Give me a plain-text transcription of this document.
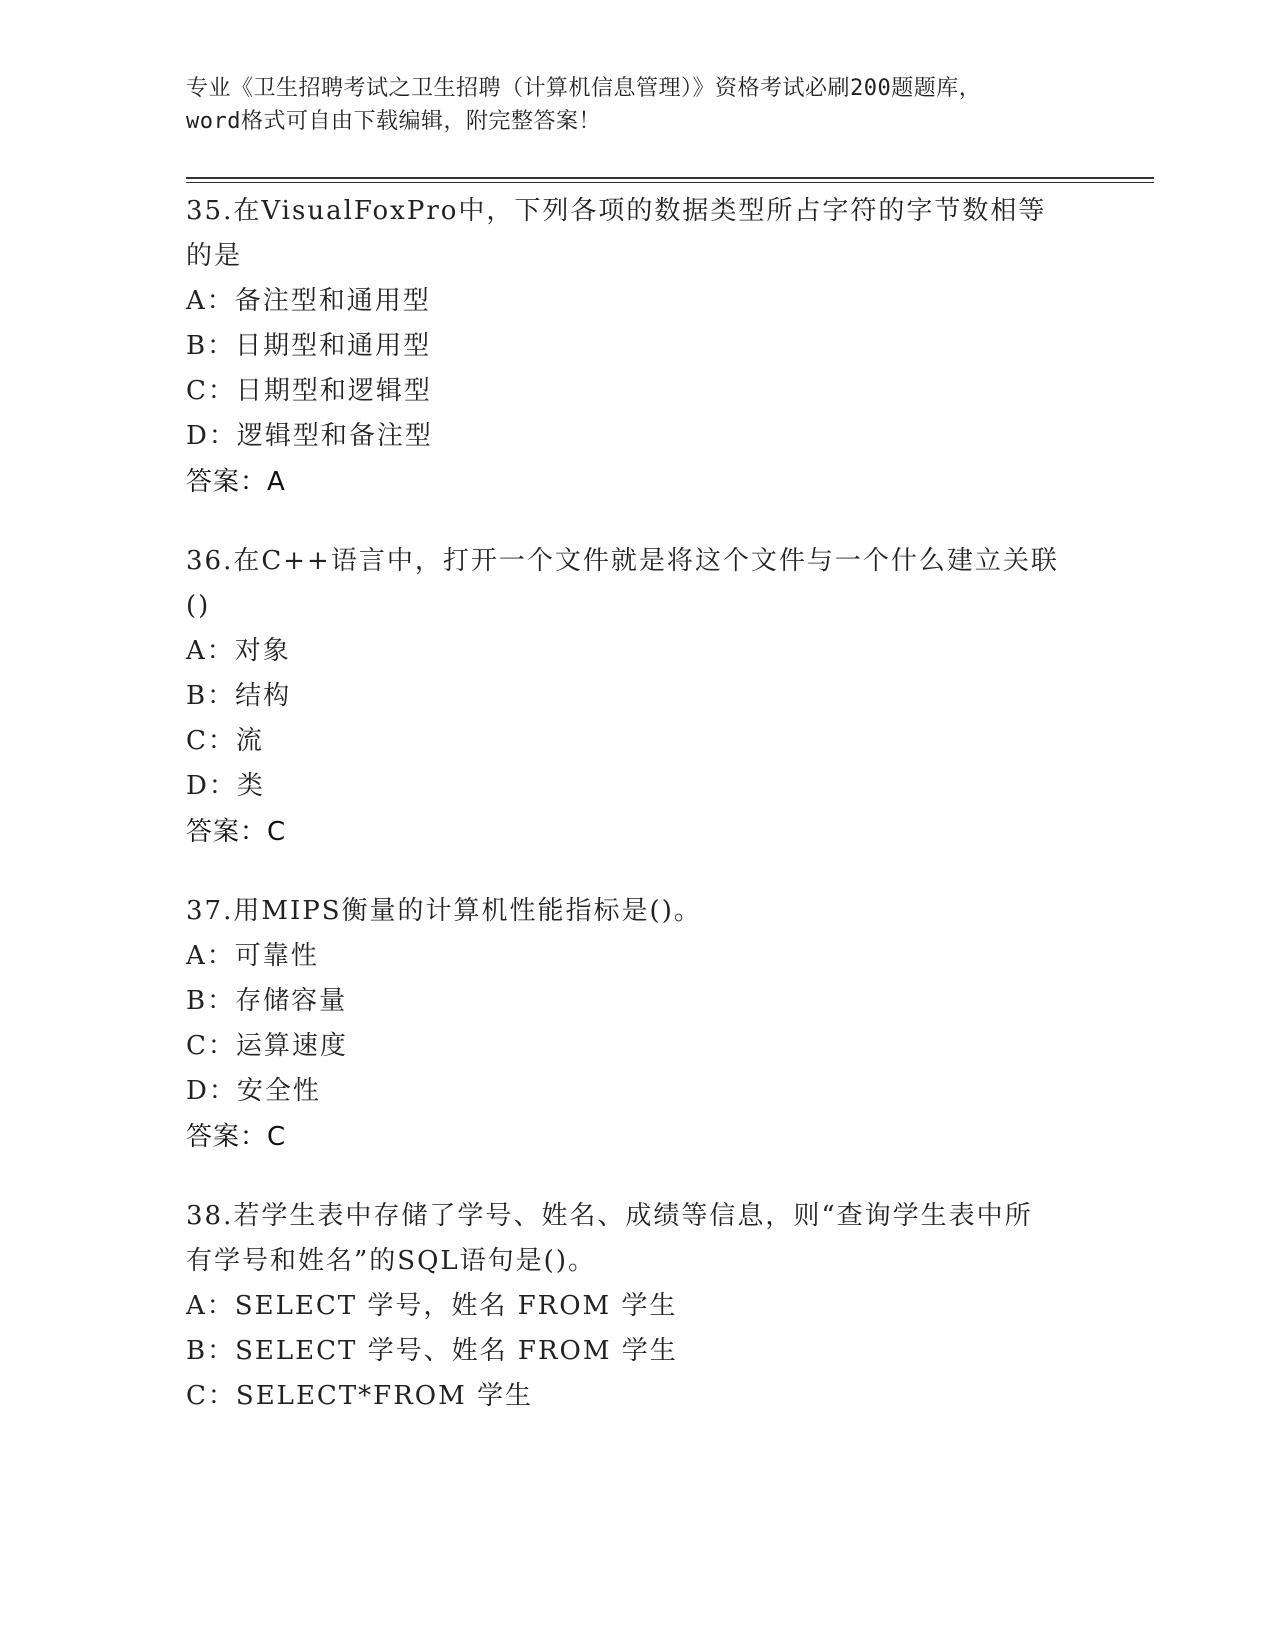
专业《卫生招聘考试之卫生招聘（计算机信息管理）》资格考试必刷200题题库，
word格式可自由下载编辑，附完整答案！
35.在VisualFoxPro中，下列各项的数据类型所占字符的字节数相等
的是
A：备注型和通用型
B：日期型和通用型
C：日期型和逻辑型
D：逻辑型和备注型
答案：A
36.在C++语言中，打开一个文件就是将这个文件与一个什么建立关联
()
A：对象
B：结构
C：流
D：类
答案：C
37.用MIPS衡量的计算机性能指标是()。
A：可靠性
B：存储容量
C：运算速度
D：安全性
答案：C
38.若学生表中存储了学号、姓名、成绩等信息，则“查询学生表中所
有学号和姓名”的SQL语句是()。
A：SELECT 学号，姓名 FROM 学生
B：SELECT 学号、姓名 FROM 学生
C：SELECT*FROM 学生
